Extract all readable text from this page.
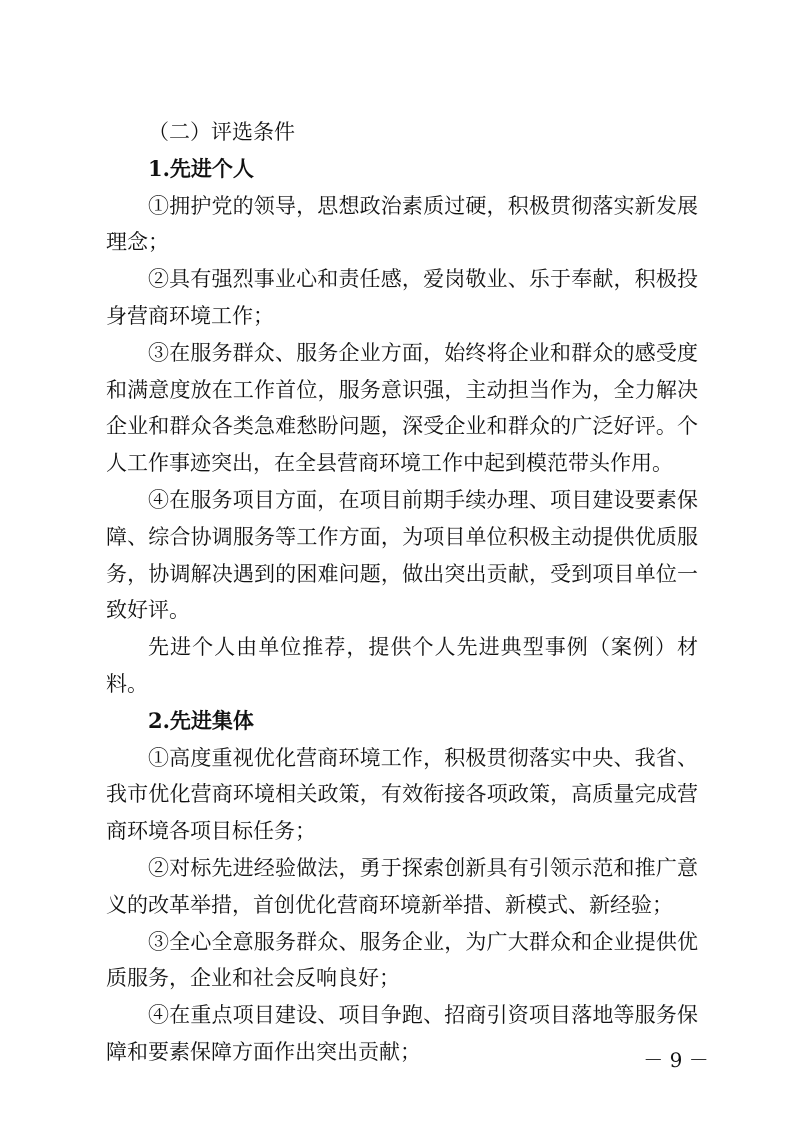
（二）评选条件

1.先进个人

①拥护党的领导，思想政治素质过硬，积极贯彻落实新发展理念；

②具有强烈事业心和责任感，爱岗敬业、乐于奉献，积极投身营商环境工作；

③在服务群众、服务企业方面，始终将企业和群众的感受度和满意度放在工作首位，服务意识强，主动担当作为，全力解决企业和群众各类急难愁盼问题，深受企业和群众的广泛好评。个人工作事迹突出，在全县营商环境工作中起到模范带头作用。

④在服务项目方面，在项目前期手续办理、项目建设要素保障、综合协调服务等工作方面，为项目单位积极主动提供优质服务，协调解决遇到的困难问题，做出突出贡献，受到项目单位一致好评。

先进个人由单位推荐，提供个人先进典型事例（案例）材料。

2.先进集体

①高度重视优化营商环境工作，积极贯彻落实中央、我省、我市优化营商环境相关政策，有效衔接各项政策，高质量完成营商环境各项目标任务；

②对标先进经验做法，勇于探索创新具有引领示范和推广意义的改革举措，首创优化营商环境新举措、新模式、新经验；

③全心全意服务群众、服务企业，为广大群众和企业提供优质服务，企业和社会反响良好；

④在重点项目建设、项目争跑、招商引资项目落地等服务保障和要素保障方面作出突出贡献；	－ 9 －
